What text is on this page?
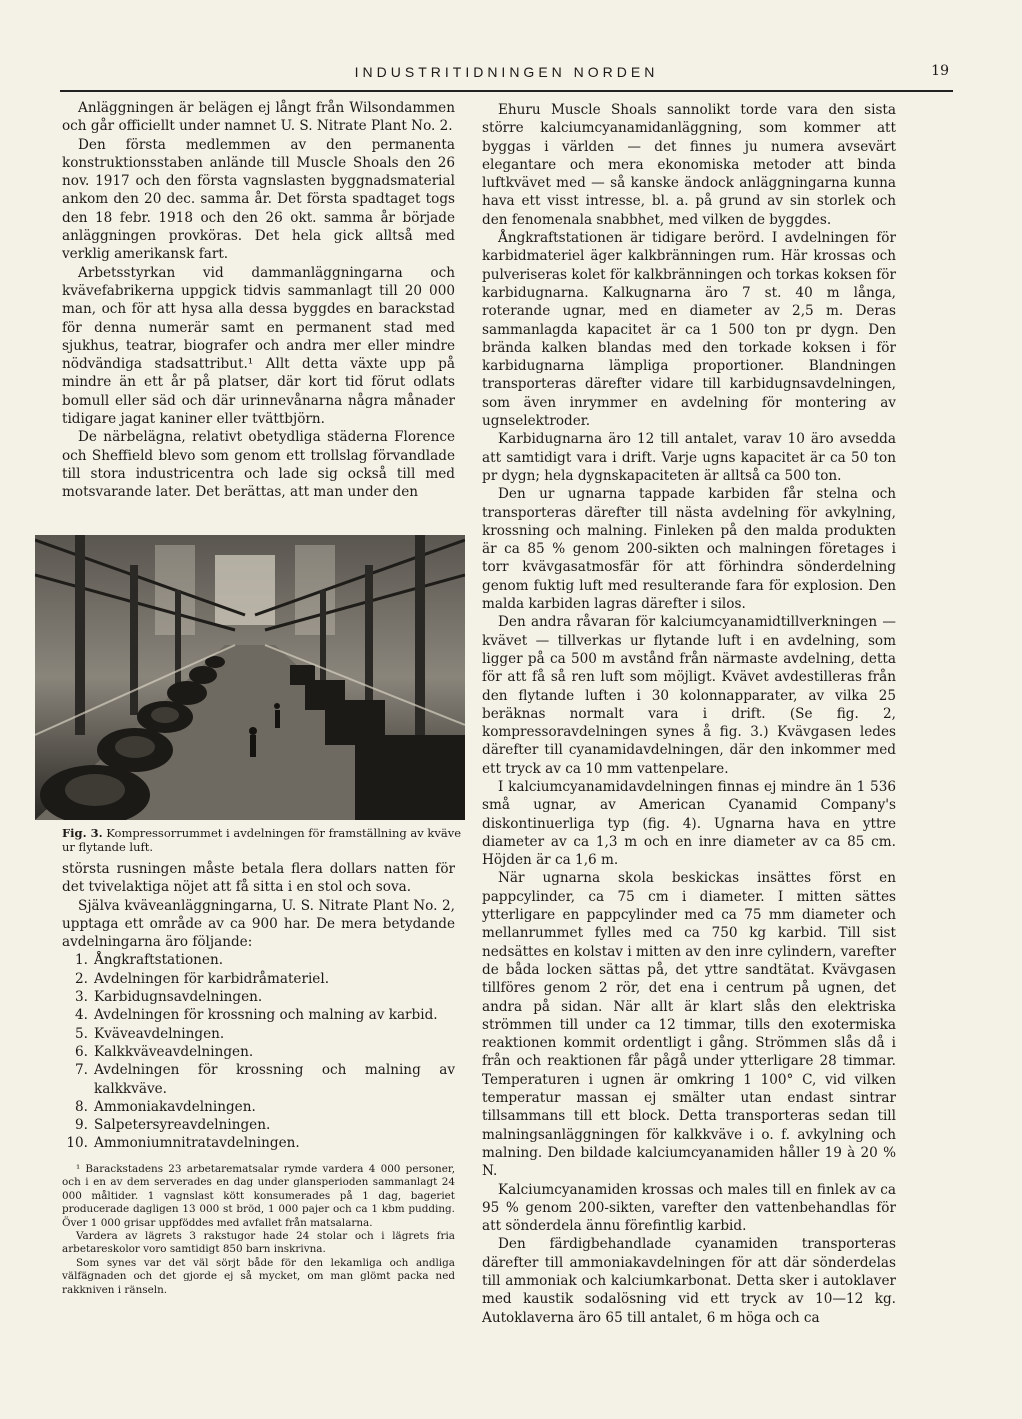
INDUSTRITIDNINGEN NORDEN	19

Anläggningen är belägen ej långt från Wilsondammen och går officiellt under namnet U. S. Nitrate Plant No. 2.

Den första medlemmen av den permanenta konstruktionsstaben anlände till Muscle Shoals den 26 nov. 1917 och den första vagnslasten byggnadsmaterial ankom den 20 dec. samma år. Det första spadtaget togs den 18 febr. 1918 och den 26 okt. samma år började anläggningen provköras. Det hela gick alltså med verklig amerikansk fart.

Arbetsstyrkan vid dammanläggningarna och kvävefabrikerna uppgick tidvis sammanlagt till 20 000 man, och för att hysa alla dessa byggdes en barackstad för denna numerär samt en permanent stad med sjukhus, teatrar, biografer och andra mer eller mindre nödvändiga stadsattribut.¹ Allt detta växte upp på mindre än ett år på platser, där kort tid förut odlats bomull eller säd och där urinnevånarna några månader tidigare jagat kaniner eller tvättbjörn.

De närbelägna, relativt obetydliga städerna Florence och Sheffield blevo som genom ett trollslag förvandlade till stora industricentra och lade sig också till med motsvarande later. Det berättas, att man under den

Fig. 3. Kompressorrummet i avdelningen för framställning av kväve ur flytande luft.

största rusningen måste betala flera dollars natten för det tvivelaktiga nöjet att få sitta i en stol och sova.

Själva kväveanläggningarna, U. S. Nitrate Plant No. 2, upptaga ett område av ca 900 har. De mera betydande avdelningarna äro följande:

1. Ångkraftstationen.
2. Avdelningen för karbidråmateriel.
3. Karbidugnsavdelningen.
4. Avdelningen för krossning och malning av karbid.
5. Kväveavdelningen.
6. Kalkkväveavdelningen.
7. Avdelningen för krossning och malning av kalkkväve.
8. Ammoniakavdelningen.
9. Salpetersyreavdelningen.
10. Ammoniumnitratavdelningen.

¹ Barackstadens 23 arbetarematsalar rymde vardera 4 000 personer, och i en av dem serverades en dag under glansperioden sammanlagt 24 000 måltider. 1 vagnslast kött konsumerades på 1 dag, bageriet producerade dagligen 13 000 st bröd, 1 000 pajer och ca 1 kbm pudding. Över 1 000 grisar uppföddes med avfallet från matsalarna.

Vardera av lägrets 3 rakstugor hade 24 stolar och i lägrets fria arbetareskolor voro samtidigt 850 barn inskrivna.

Som synes var det väl sörjt både för den lekamliga och andliga välfägnaden och det gjorde ej så mycket, om man glömt packa ned rakkniven i ränseln.

Ehuru Muscle Shoals sannolikt torde vara den sista större kalciumcyanamidanläggning, som kommer att byggas i världen — det finnes ju numera avsevärt elegantare och mera ekonomiska metoder att binda luftkvävet med — så kanske ändock anläggningarna kunna hava ett visst intresse, bl. a. på grund av sin storlek och den fenomenala snabbhet, med vilken de byggdes.

Ångkraftstationen är tidigare berörd. I avdelningen för karbidmateriel äger kalkbränningen rum. Här krossas och pulveriseras kolet för kalkbränningen och torkas koksen för karbidugnarna. Kalkugnarna äro 7 st. 40 m långa, roterande ugnar, med en diameter av 2,5 m. Deras sammanlagda kapacitet är ca 1 500 ton pr dygn. Den brända kalken blandas med den torkade koksen i för karbidugnarna lämpliga proportioner. Blandningen transporteras därefter vidare till karbidugnsavdelningen, som även inrymmer en avdelning för montering av ugnselektroder.

Karbidugnarna äro 12 till antalet, varav 10 äro avsedda att samtidigt vara i drift. Varje ugns kapacitet är ca 50 ton pr dygn; hela dygnskapaciteten är alltså ca 500 ton.

Den ur ugnarna tappade karbiden får stelna och transporteras därefter till nästa avdelning för avkylning, krossning och malning. Finleken på den malda produkten är ca 85 % genom 200-sikten och malningen företages i torr kvävgasatmosfär för att förhindra sönderdelning genom fuktig luft med resulterande fara för explosion. Den malda karbiden lagras därefter i silos.

Den andra råvaran för kalciumcyanamidtillverkningen — kvävet — tillverkas ur flytande luft i en avdelning, som ligger på ca 500 m avstånd från närmaste avdelning, detta för att få så ren luft som möjligt. Kvävet avdestilleras från den flytande luften i 30 kolonnapparater, av vilka 25 beräknas normalt vara i drift. (Se fig. 2, kompressoravdelningen synes å fig. 3.) Kvävgasen ledes därefter till cyanamidavdelningen, där den inkommer med ett tryck av ca 10 mm vattenpelare.

I kalciumcyanamidavdelningen finnas ej mindre än 1 536 små ugnar, av American Cyanamid Company's diskontinuerliga typ (fig. 4). Ugnarna hava en yttre diameter av ca 1,3 m och en inre diameter av ca 85 cm. Höjden är ca 1,6 m.

När ugnarna skola beskickas insättes först en pappcylinder, ca 75 cm i diameter. I mitten sättes ytterligare en pappcylinder med ca 75 mm diameter och mellanrummet fylles med ca 750 kg karbid. Till sist nedsättes en kolstav i mitten av den inre cylindern, varefter de båda locken sättas på, det yttre sandtätat. Kvävgasen tillföres genom 2 rör, det ena i centrum på ugnen, det andra på sidan. När allt är klart slås den elektriska strömmen till under ca 12 timmar, tills den exotermiska reaktionen kommit ordentligt i gång. Strömmen slås då i från och reaktionen får pågå under ytterligare 28 timmar. Temperaturen i ugnen är omkring 1 100° C, vid vilken temperatur massan ej smälter utan endast sintrar tillsammans till ett block. Detta transporteras sedan till malningsanläggningen för kalkkväve i o. f. avkylning och malning. Den bildade kalciumcyanamiden håller 19 à 20 % N.

Kalciumcyanamiden krossas och males till en finlek av ca 95 % genom 200-sikten, varefter den vattenbehandlas för att sönderdela ännu förefintlig karbid.

Den färdigbehandlade cyanamiden transporteras därefter till ammoniakavdelningen för att där sönderdelas till ammoniak och kalciumkarbonat. Detta sker i autoklaver med kaustik sodalösning vid ett tryck av 10—12 kg. Autoklaverna äro 65 till antalet, 6 m höga och ca
